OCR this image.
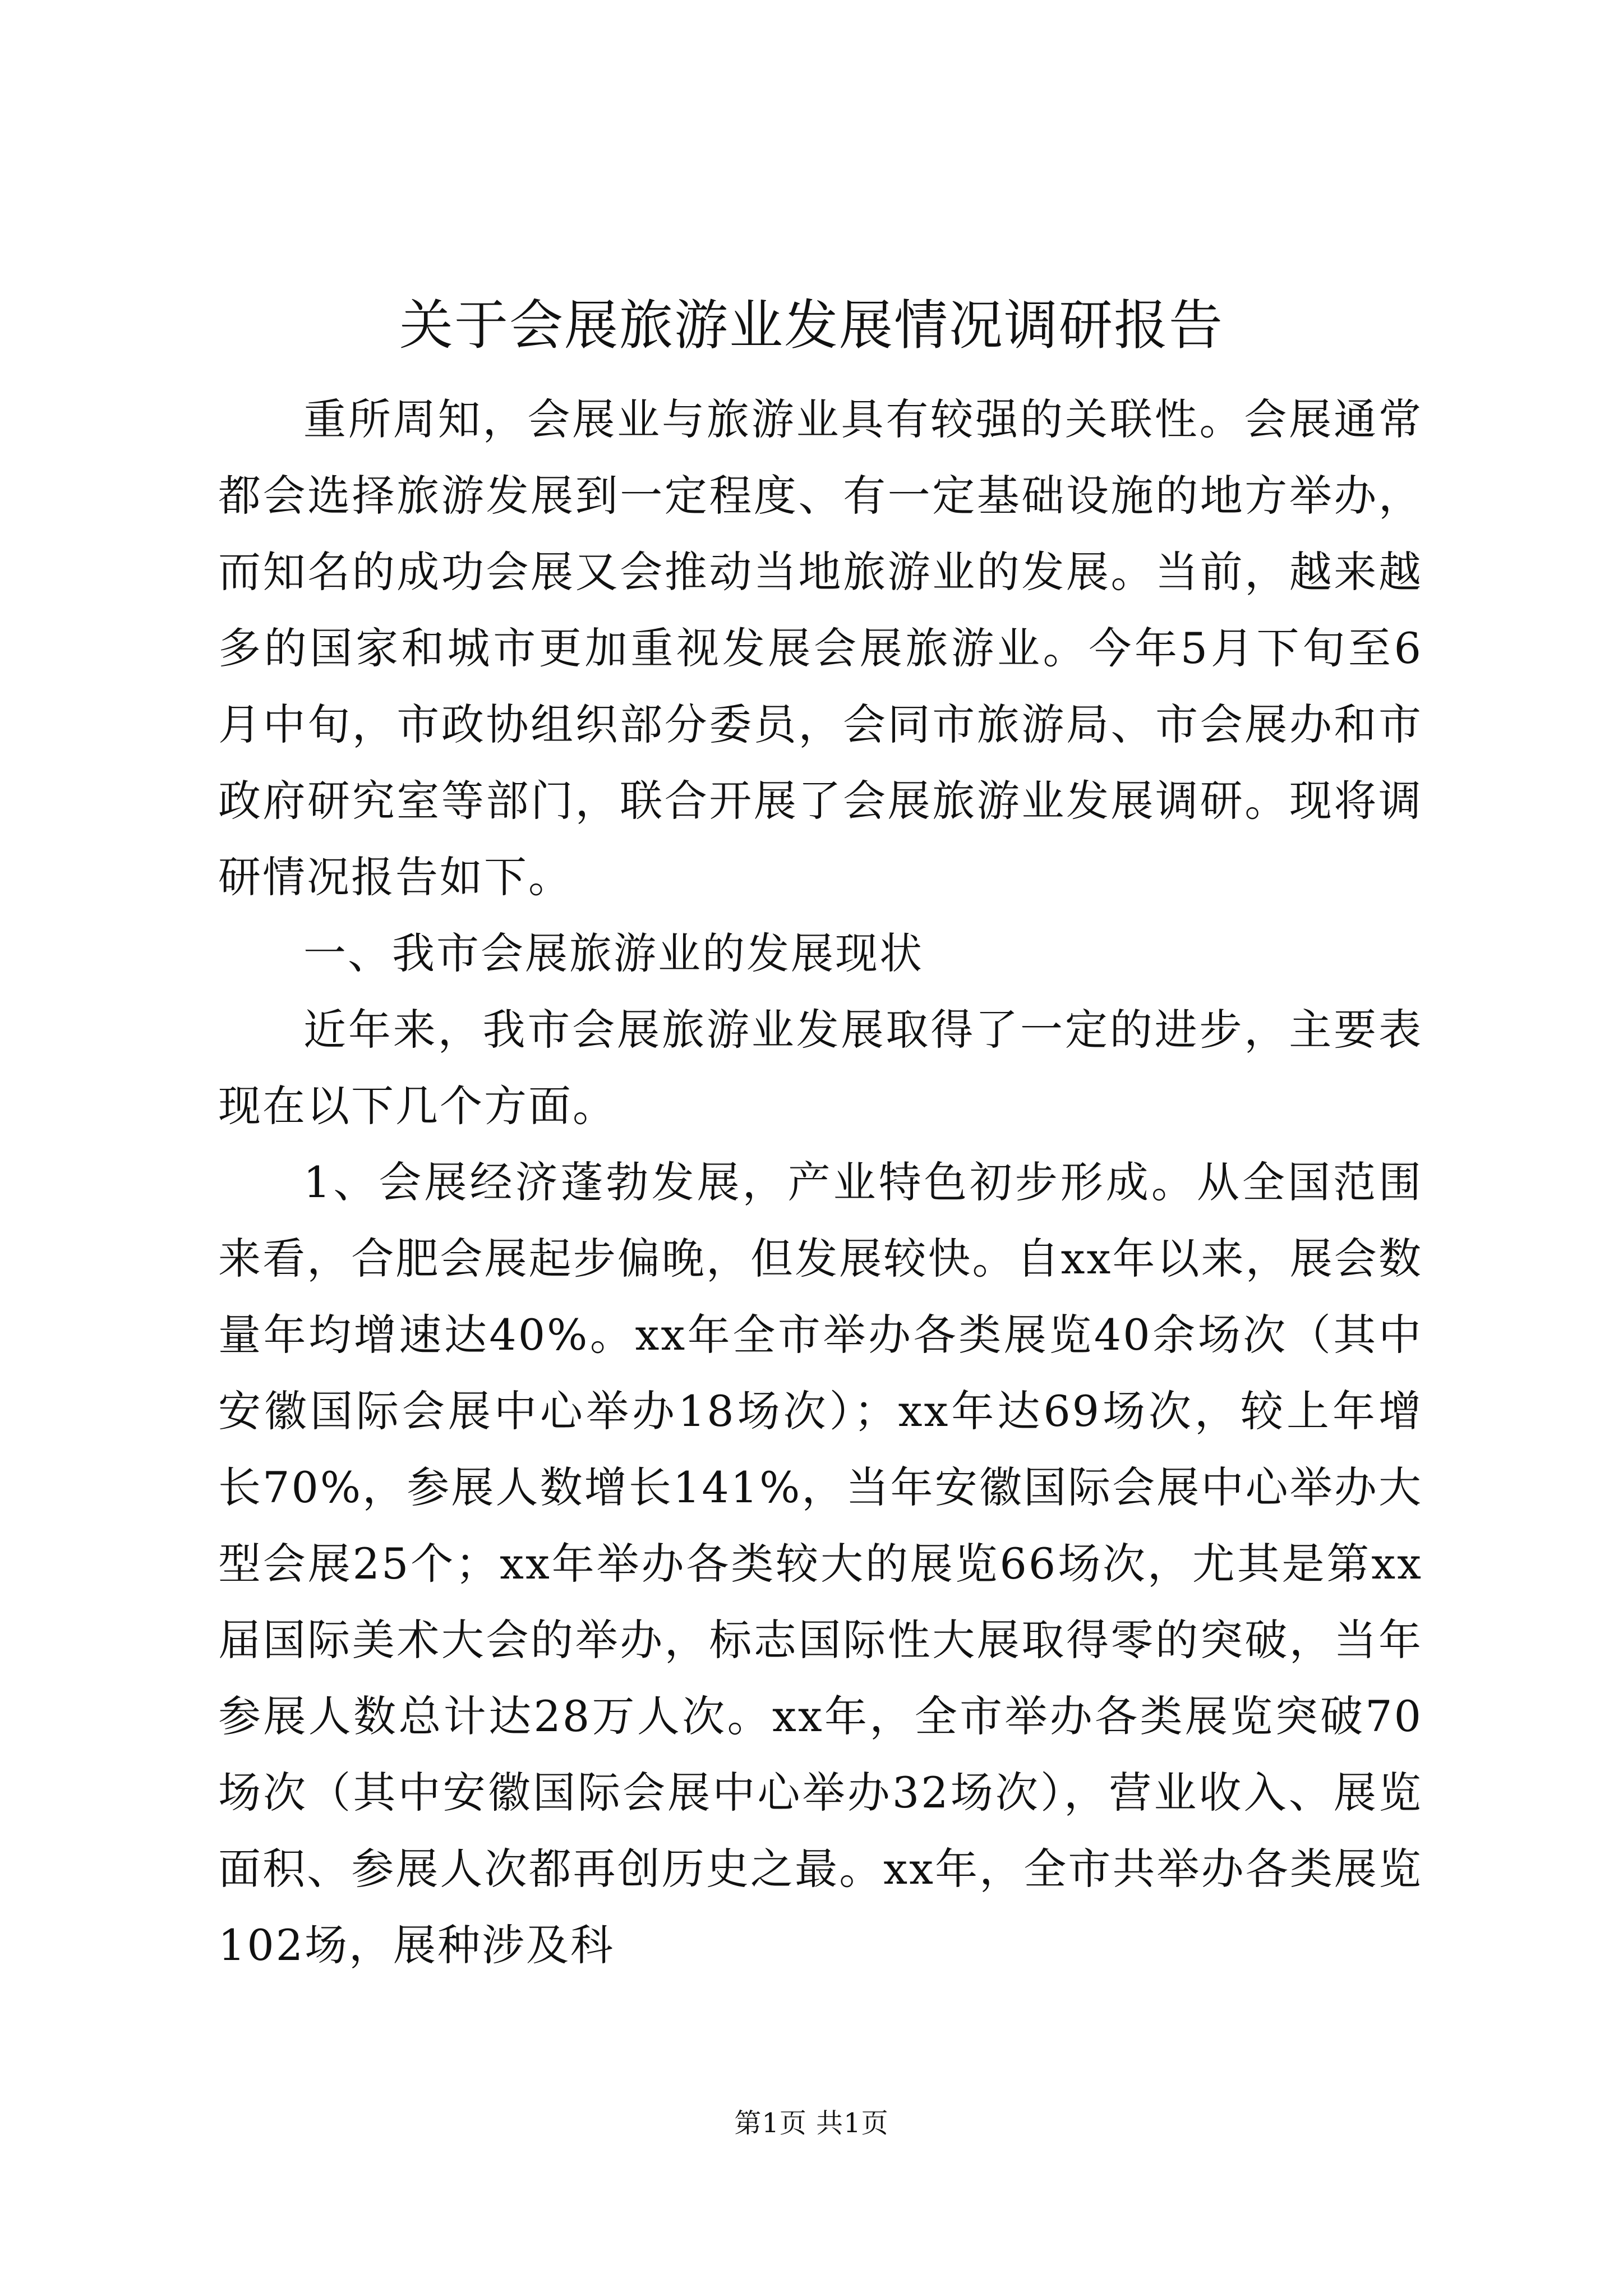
关于会展旅游业发展情况调研报告

重所周知，会展业与旅游业具有较强的关联性。会展通常都会选择旅游发展到一定程度、有一定基础设施的地方举办，而知名的成功会展又会推动当地旅游业的发展。当前，越来越多的国家和城市更加重视发展会展旅游业。今年5月下旬至6月中旬，市政协组织部分委员，会同市旅游局、市会展办和市政府研究室等部门，联合开展了会展旅游业发展调研。现将调研情况报告如下。

一、我市会展旅游业的发展现状

近年来，我市会展旅游业发展取得了一定的进步，主要表现在以下几个方面。

1、会展经济蓬勃发展，产业特色初步形成。从全国范围来看，合肥会展起步偏晚，但发展较快。自xx年以来，展会数量年均增速达40%。xx年全市举办各类展览40余场次（其中安徽国际会展中心举办18场次）；xx年达69场次，较上年增长70%，参展人数增长141%，当年安徽国际会展中心举办大型会展25个；xx年举办各类较大的展览66场次，尤其是第xx届国际美术大会的举办，标志国际性大展取得零的突破，当年参展人数总计达28万人次。xx年，全市举办各类展览突破70场次（其中安徽国际会展中心举办32场次），营业收入、展览面积、参展人次都再创历史之最。xx年，全市共举办各类展览102场，展种涉及科

第1页 共1页
